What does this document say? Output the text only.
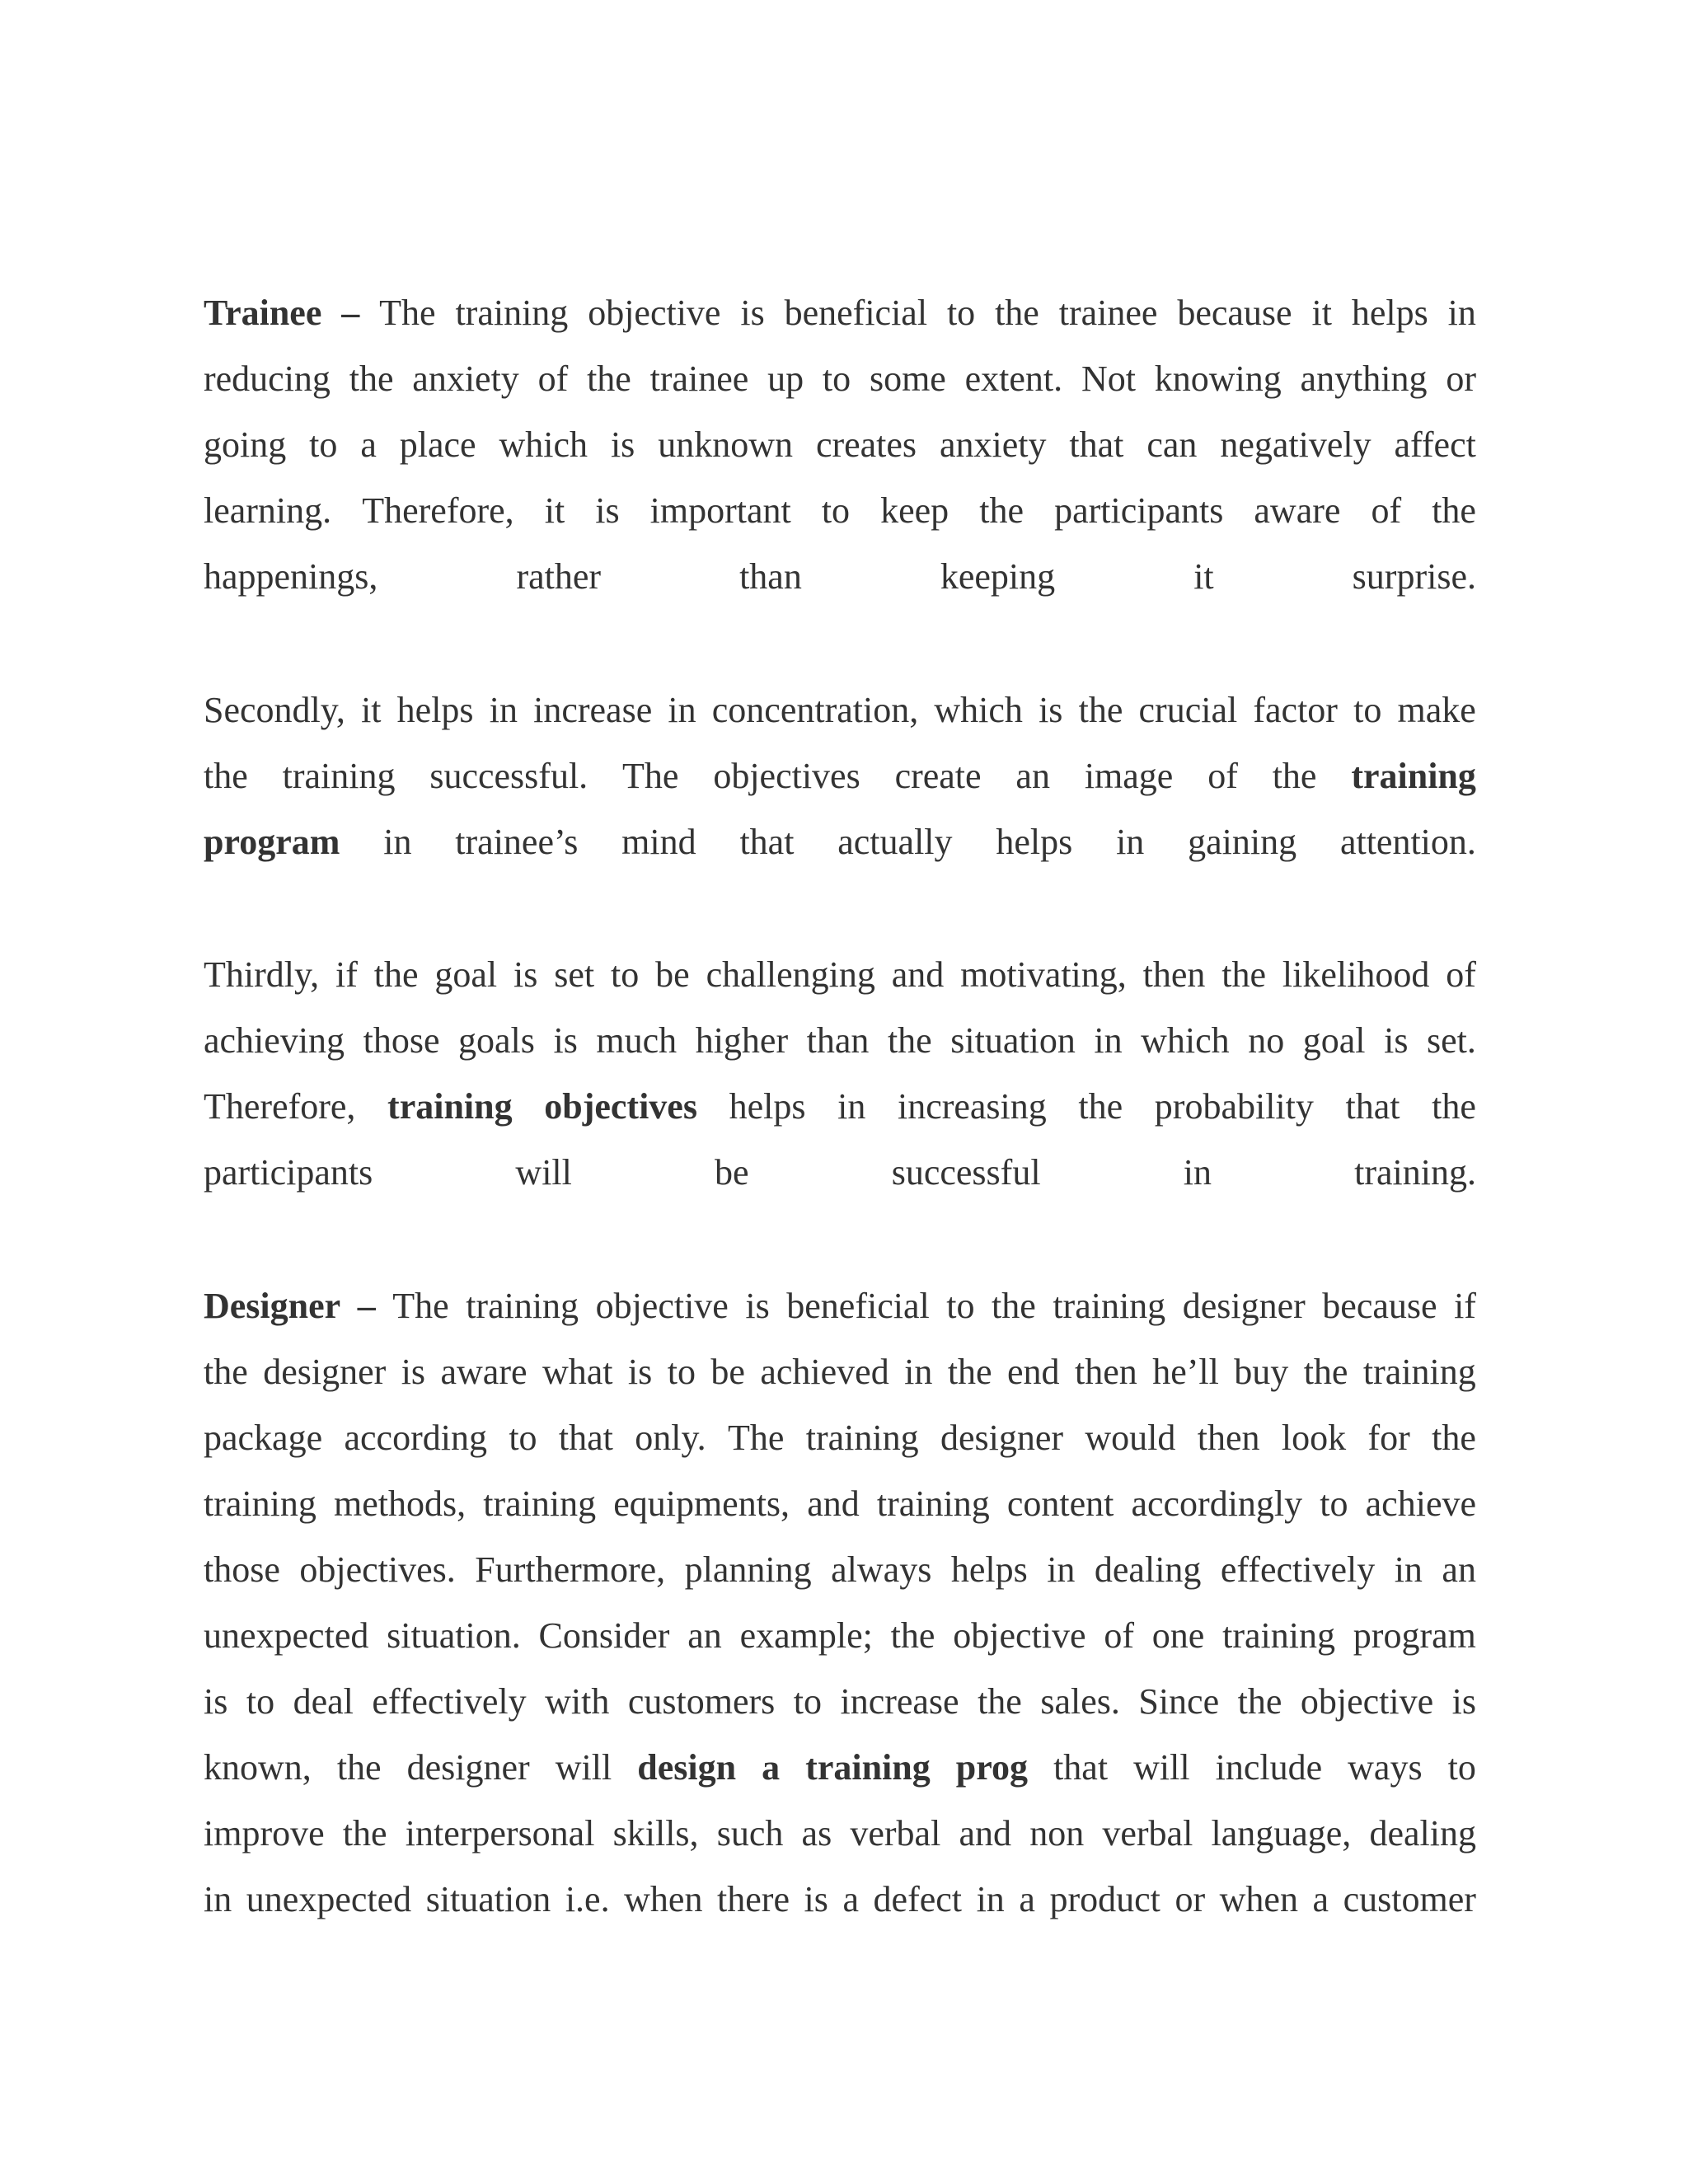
Trainee – The training objective is beneficial to the trainee because it helps in
reducing the anxiety of the trainee up to some extent. Not knowing anything or
going to a place which is unknown creates anxiety that can negatively affect
learning. Therefore, it is important to keep the participants aware of the
happenings,	rather	than	keeping	it	surprise.
Secondly, it helps in increase in concentration, which is the crucial factor to make
the training successful. The objectives create an image of the training
program in trainee’s mind that actually helps in gaining attention.
Thirdly, if the goal is set to be challenging and motivating, then the likelihood of
achieving those goals is much higher than the situation in which no goal is set.
Therefore, training objectives helps in increasing the probability that the
participants	will	be	successful	in	training.
Designer – The training objective is beneficial to the training designer because if
the designer is aware what is to be achieved in the end then he’ll buy the training
package according to that only. The training designer would then look for the
training methods, training equipments, and training content accordingly to achieve
those objectives. Furthermore, planning always helps in dealing effectively in an
unexpected situation. Consider an example; the objective of one training program
is to deal effectively with customers to increase the sales. Since the objective is
known, the designer will design a training prog that will include ways to
improve the interpersonal skills, such as verbal and non verbal language, dealing
in unexpected situation i.e. when there is a defect in a product or when a customer
